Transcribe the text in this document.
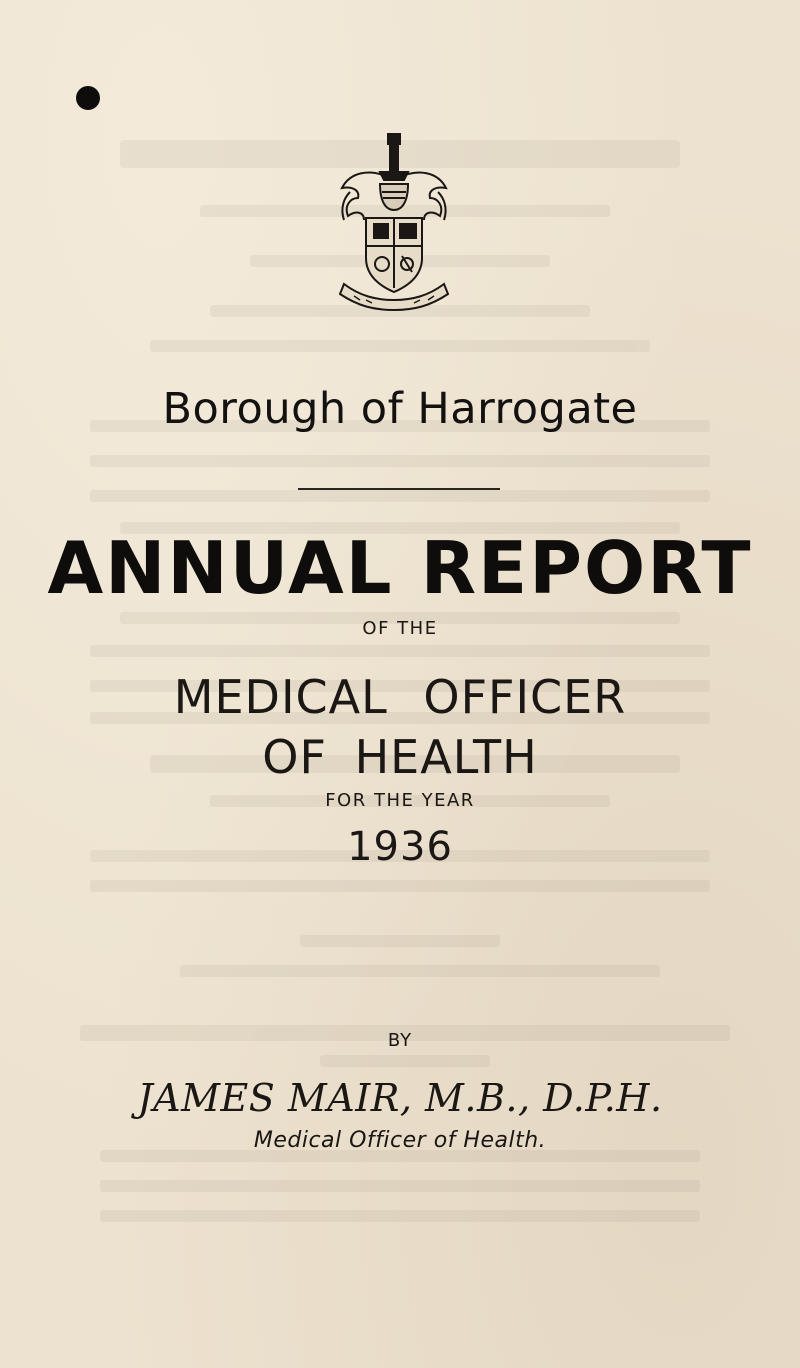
Borough of Harrogate
ANNUAL REPORT
OF THE
MEDICAL OFFICER
OF HEALTH
FOR THE YEAR
1936
BY
JAMES MAIR, M.B., D.P.H.
Medical Officer of Health.
